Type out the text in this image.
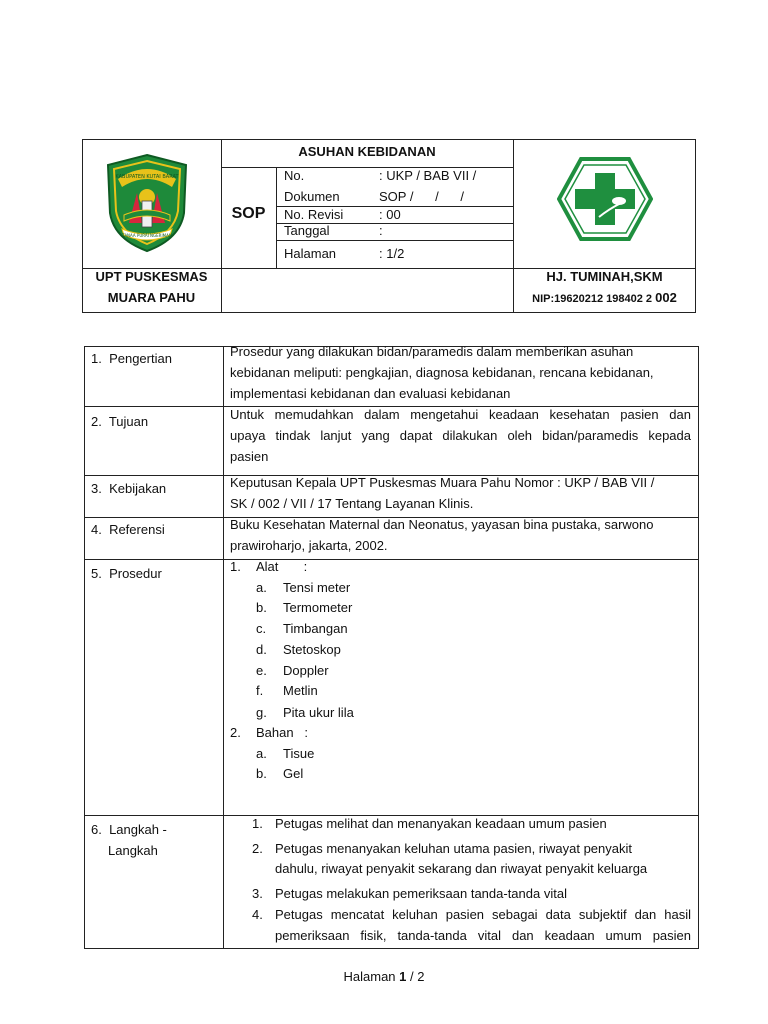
KABUPATEN KUTAI BARAT
TANAA PURAI NGERIMAN
ASUHAN KEBIDANAN
SOP
No.	: UKP / BAB VII /
Dokumen	SOP /      /      /
No. Revisi	: 00
Tanggal	:
Halaman	: 1/2
UPT PUSKESMAS
MUARA PAHU
HJ. TUMINAH,SKM
NIP:19620212 198402 2 002
1.  Pengertian	Prosedur yang dilakukan bidan/paramedis dalam memberikan asuhan
kebidanan meliputi: pengkajian, diagnosa kebidanan, rencana kebidanan,
implementasi kebidanan dan evaluasi kebidanan
2.  Tujuan	Untuk memudahkan dalam mengetahui keadaan kesehatan pasien dan
upaya tindak lanjut yang dapat dilakukan oleh bidan/paramedis kepada
pasien
3.  Kebijakan	Keputusan Kepala UPT Puskesmas Muara Pahu Nomor : UKP / BAB VII /
SK / 002 / VII / 17 Tentang Layanan Klinis.
4.  Referensi	Buku Kesehatan Maternal dan Neonatus, yayasan bina pustaka, sarwono
prawiroharjo, jakarta, 2002.
5.  Prosedur	1. Alat       :
a. Tensi meter
b. Termometer
c. Timbangan
d. Stetoskop
e. Doppler
f. Metlin
g. Pita ukur lila
2. Bahan   :
a. Tisue
b. Gel
6.  Langkah -
Langkah
1. Petugas melihat dan menanyakan keadaan umum pasien
2. Petugas menanyakan keluhan utama pasien, riwayat penyakit
dahulu, riwayat penyakit sekarang dan riwayat penyakit keluarga
3. Petugas melakukan pemeriksaan tanda-tanda vital
4. Petugas mencatat keluhan pasien sebagai data subjektif dan hasil
pemeriksaan fisik, tanda-tanda vital dan keadaan umum pasien
Halaman 1 / 2
